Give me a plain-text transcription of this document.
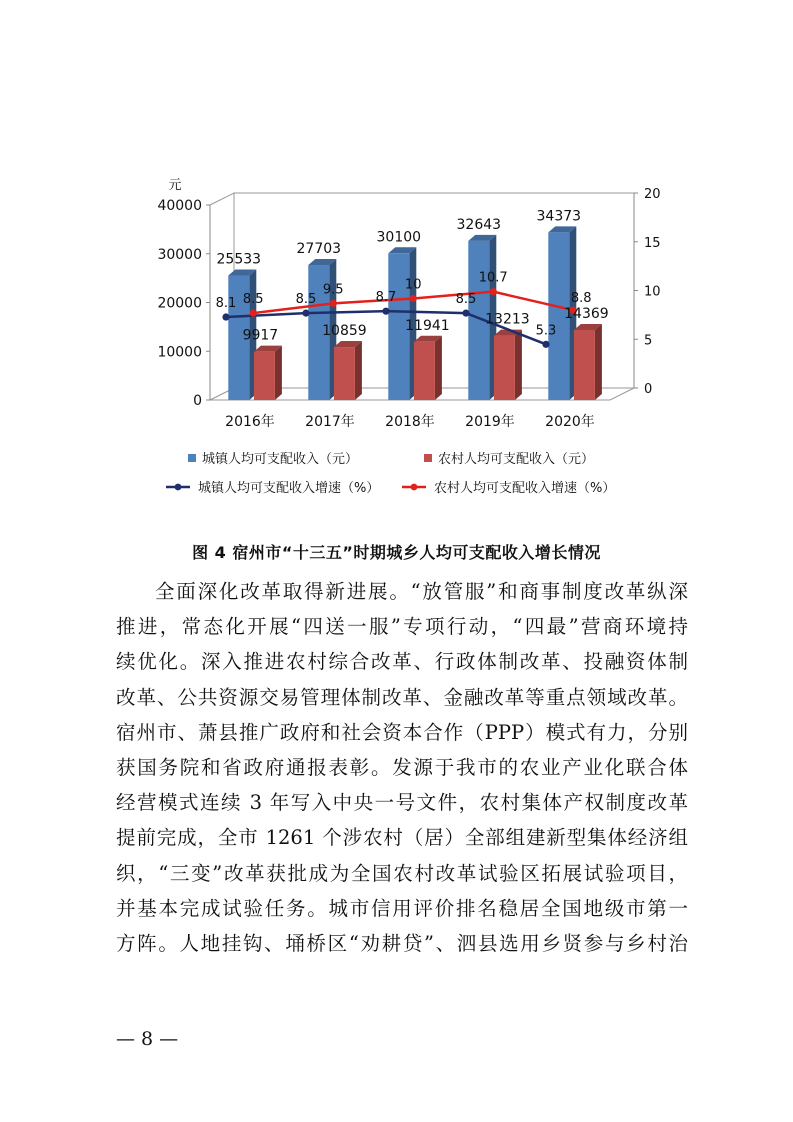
0
10000
20000
30000
40000
元
0
5
10
15
20
2016年 2017年 2018年 2019年 2020年
25533
27703
30100
32643
34373
9917	10859	11941	13213 14369
8.1	8.5	8.7	8.5
5.3
8.5
9.5	10	10.7
8.8
城镇人均可支配收入（元）	农村人均可支配收入（元）
城镇人均可支配收入增速（%）	农村人均可支配收入增速（%）
图 4 宿州市“十三五”时期城乡人均可支配收入增长情况
全面深化改革取得新进展。“放管服”和商事制度改革纵深
推进，常态化开展“四送一服”专项行动，“四最”营商环境持
续优化。深入推进农村综合改革、行政体制改革、投融资体制
改革、公共资源交易管理体制改革、金融改革等重点领域改革。
宿州市、萧县推广政府和社会资本合作（PPP）模式有力，分别
获国务院和省政府通报表彰。发源于我市的农业产业化联合体
经营模式连续 3 年写入中央一号文件，农村集体产权制度改革
提前完成，全市 1261 个涉农村（居）全部组建新型集体经济组
织，“三变”改革获批成为全国农村改革试验区拓展试验项目，
并基本完成试验任务。城市信用评价排名稳居全国地级市第一
方阵。人地挂钩、埇桥区“劝耕贷”、泗县选用乡贤参与乡村治
— 8 —
